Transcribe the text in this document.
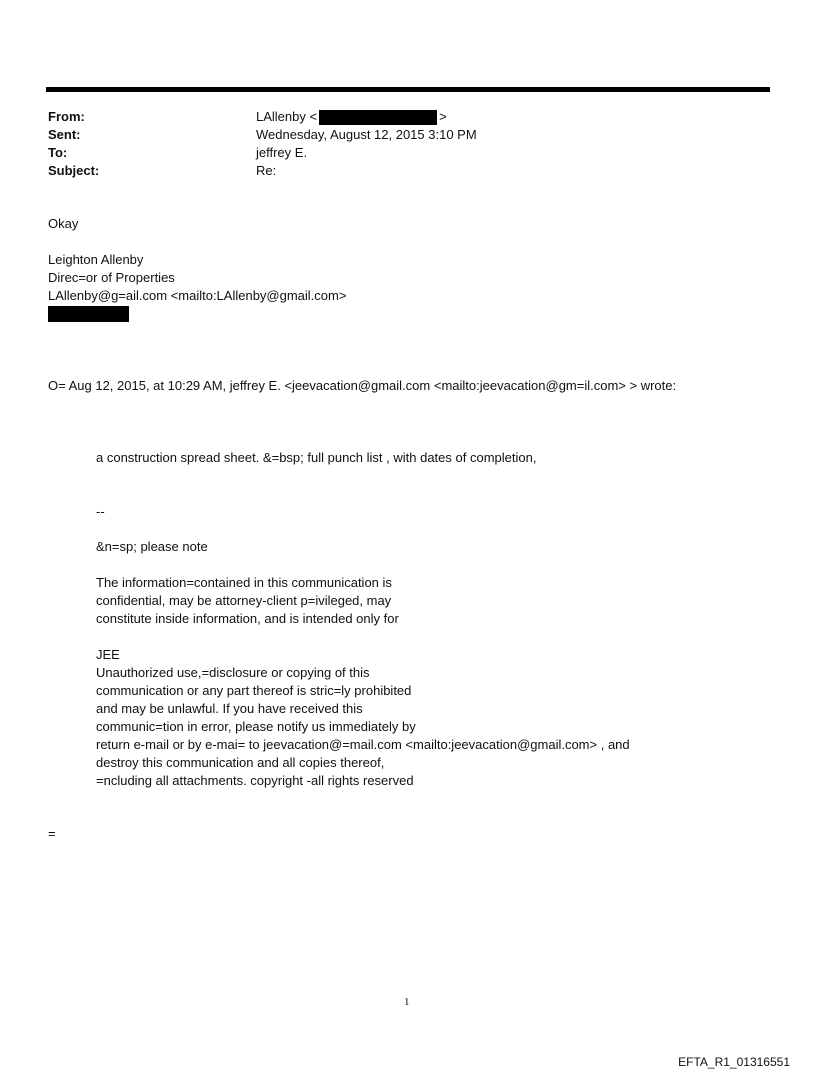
From:	LAllenby <	>
Sent:	Wednesday, August 12, 2015 3:10 PM
To:	jeffrey E.
Subject:	Re:
Okay
Leighton Allenby
Direc=or of Properties
LAllenby@g=ail.com <mailto:LAllenby@gmail.com>
O= Aug 12, 2015, at 10:29 AM, jeffrey E. <jeevacation@gmail.com <mailto:jeevacation@gm=il.com> > wrote:
a construction spread sheet. &=bsp; full punch list , with dates of completion,
--
&n=sp; please note
The information=contained in this communication is
confidential, may be attorney-client p=ivileged, may
constitute inside information, and is intended only for
JEE
Unauthorized use,=disclosure or copying of this
communication or any part thereof is stric=ly prohibited
and may be unlawful. If you have received this
communic=tion in error, please notify us immediately by
return e-mail or by e-mai= to jeevacation@=mail.com <mailto:jeevacation@gmail.com> , and
destroy this communication and all copies thereof,
=ncluding all attachments. copyright -all rights reserved
=
1
EFTA_R1_01316551
